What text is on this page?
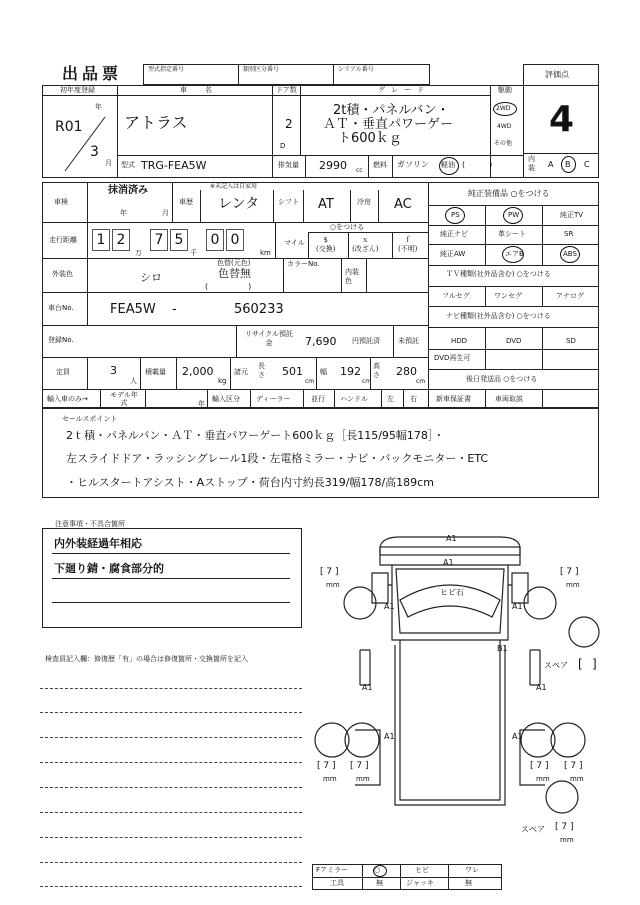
出品票	型式指定番号	類別区分番号	シリアル番号
評価点
4
初年度登録
年
R01
3
月
車名
アトラス
ドア数
2
D
グレード
2t積・パネルバン・
ＡＴ・垂直パワーゲー
ト600ｋｇ
駆動
2WD
4WD
その他
型式 TRG-FEA5W	排気量 2990 cc
燃料 ガソリン 軽油 (　　　)
内装 A B C
車検
抹消済み
年	月
※未記入は自家用
車歴 レンタ	シフト AT	冷房 AC
走行距離	1 2	7 5	0 0
万	千	km
○をつける
マイル	$
(交換)
ｘ
(改ざん)
ｆ
(不明)
外装色	シロ
色替(元色)
色替無
(　　　　　)
カラーNo.
内装色
車台No.	FEA5W -	560233
登録No.
リサイクル預託金	7,690 円預託済	未預託
定員	3
人
積載量 2,000
kg
諸元
長さ 501
cm
幅 192
cm
高さ 280
cm
輸入車のみ→	モデル年式	年
輸入区分 ディーラー	並行 ハンドル	左 右
純正装備品 ○をつける
PS	PW	純正TV
純正ナビ	革シート	SR
純正AW	エアB	ABS
ＴＶ種類(社外品含む) ○をつける
フルセグ	ワンセグ	アナログ
ナビ種類(社外品含む) ○をつける
HDD	DVD	SD
DVD再生可
後日発送品 ○をつける
新車保証書	車両取説
セールスポイント
2ｔ積・パネルバン・ＡＴ・垂直パワーゲート600ｋｇ［長115/95幅178］・
左スライドドア・ラッシングレール1段・左電格ミラー・ナビ・バックモニター・ETC
・ヒルスタートアシスト・Aストップ・荷台内寸約長319/幅178/高189cm
注意事項・不具合箇所
内外装経過年相応
下廻り錆・腐食部分的
検査員記入欄：修復歴「有」の場合は修復箇所・交換箇所を記入
A1
A1
A1	A1
A1	A1
A1	A1
B1
ヒビ石
[ 7 ]
mm
[ 7 ]
mm
[ 7 ]
mm
[ 7 ]
mm
[ 7 ]
mm
[ 7 ]
mm
スペア [ ]
スペア [ 7 ]
mm
Fアミラー	○	ヒビ	ワレ
工具	無	ジャッキ	無
